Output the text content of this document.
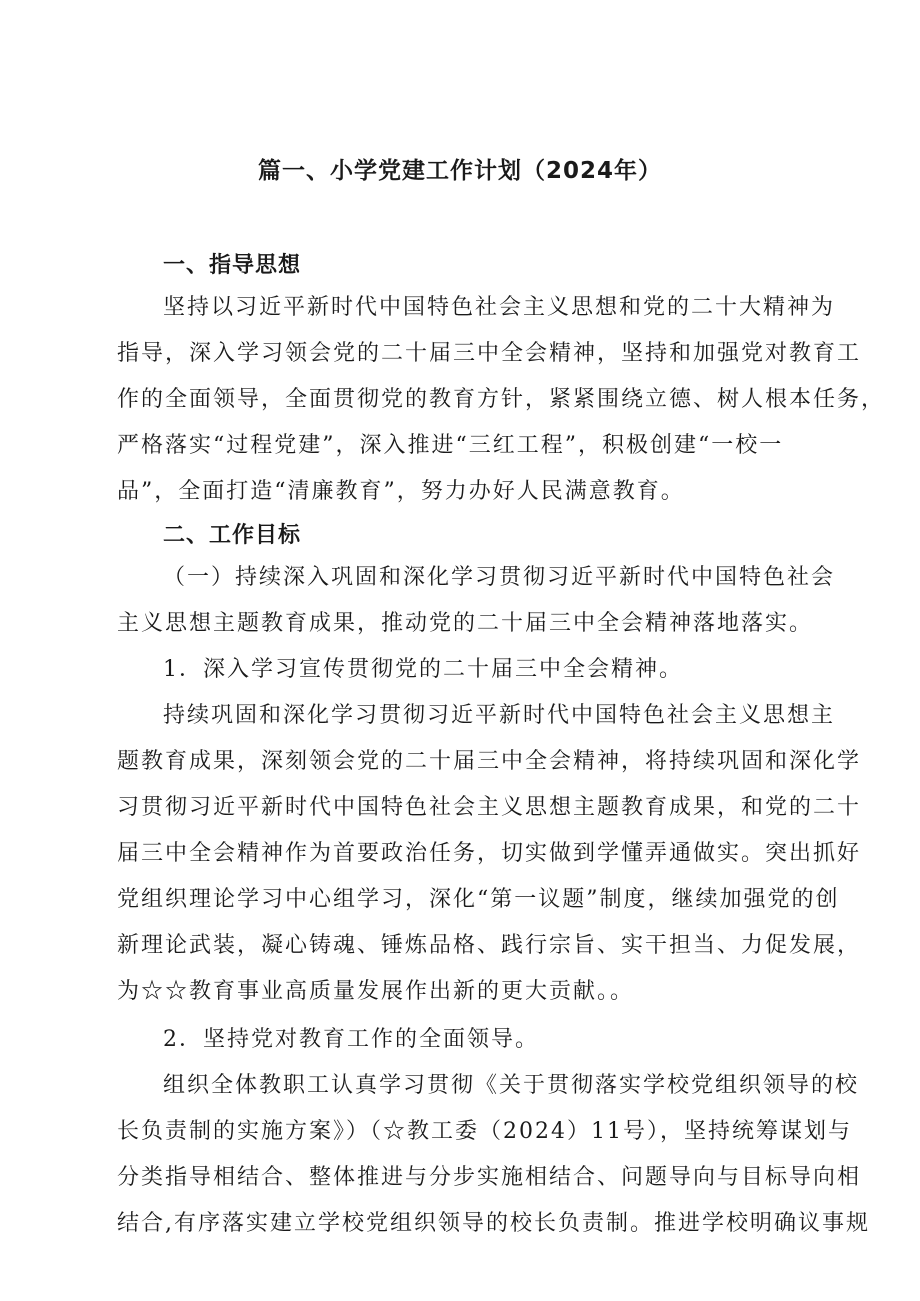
篇一、小学党建工作计划（2024年）
一、指导思想
坚持以习近平新时代中国特色社会主义思想和党的二十大精神为
指导，深入学习领会党的二十届三中全会精神，坚持和加强党对教育工
作的全面领导，全面贯彻党的教育方针，紧紧围绕立德、树人根本任务，
严格落实“过程党建”，深入推进“三红工程”，积极创建“一校一
品”，全面打造“清廉教育”，努力办好人民满意教育。
二、工作目标
（一）持续深入巩固和深化学习贯彻习近平新时代中国特色社会
主义思想主题教育成果，推动党的二十届三中全会精神落地落实。
1．深入学习宣传贯彻党的二十届三中全会精神。
持续巩固和深化学习贯彻习近平新时代中国特色社会主义思想主
题教育成果，深刻领会党的二十届三中全会精神，将持续巩固和深化学
习贯彻习近平新时代中国特色社会主义思想主题教育成果，和党的二十
届三中全会精神作为首要政治任务，切实做到学懂弄通做实。突出抓好
党组织理论学习中心组学习，深化“第一议题”制度，继续加强党的创
新理论武装，凝心铸魂、锤炼品格、践行宗旨、实干担当、力促发展，
为☆☆教育事业高质量发展作出新的更大贡献。。
2．坚持党对教育工作的全面领导。
组织全体教职工认真学习贯彻《关于贯彻落实学校党组织领导的校
长负责制的实施方案》）（☆教工委（2024）11号），坚持统筹谋划与
分类指导相结合、整体推进与分步实施相结合、问题导向与目标导向相
结合,有序落实建立学校党组织领导的校长负责制。推进学校明确议事规
